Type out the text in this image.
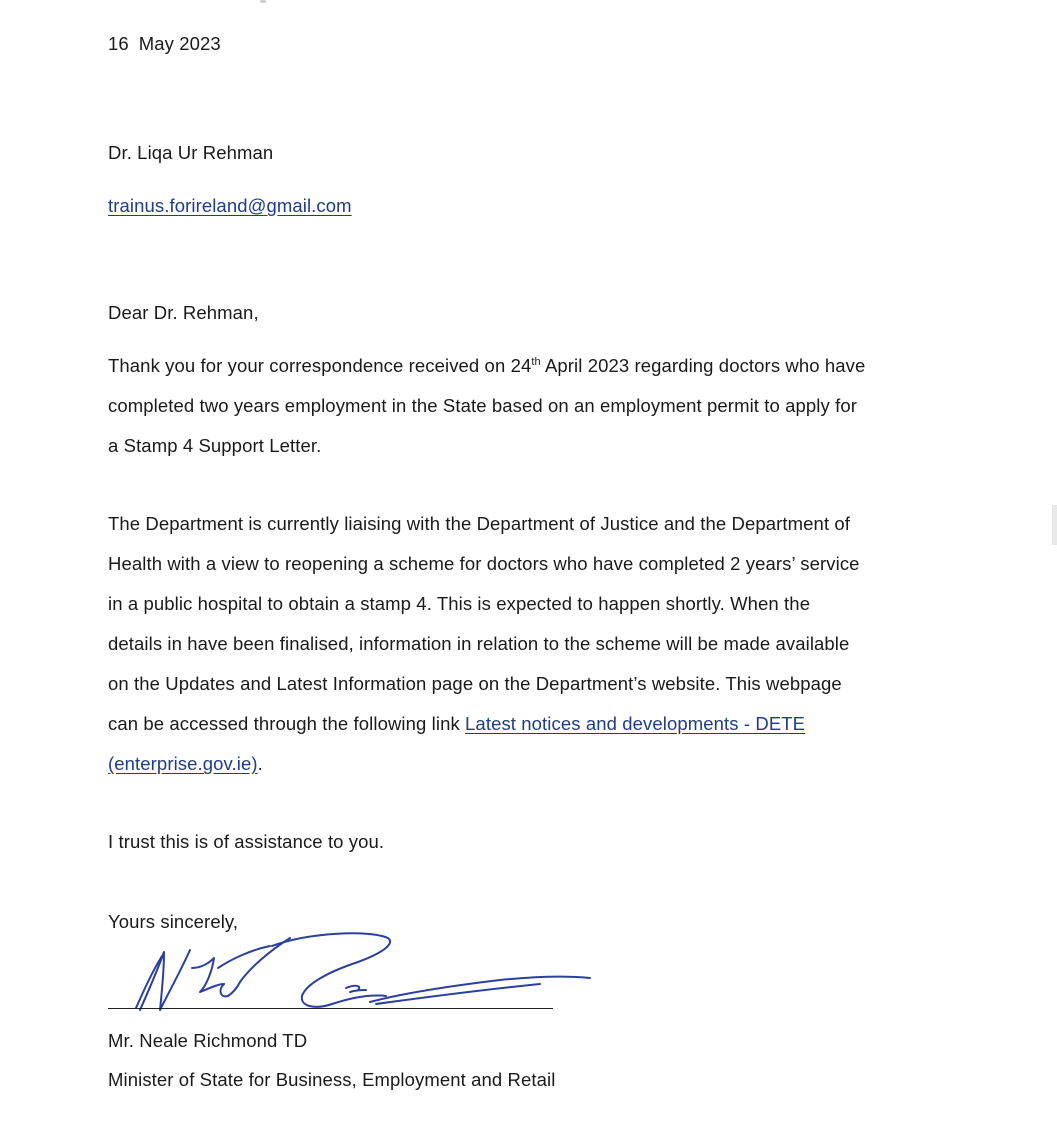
16 May 2023
Dr. Liqa Ur Rehman
trainus.forireland@gmail.com
Dear Dr. Rehman,
Thank you for your correspondence received on 24th April 2023 regarding doctors who have
completed two years employment in the State based on an employment permit to apply for
a Stamp 4 Support Letter.
The Department is currently liaising with the Department of Justice and the Department of
Health with a view to reopening a scheme for doctors who have completed 2 years’ service
in a public hospital to obtain a stamp 4. This is expected to happen shortly. When the
details in have been finalised, information in relation to the scheme will be made available
on the Updates and Latest Information page on the Department’s website. This webpage
can be accessed through the following link Latest notices and developments - DETE
(enterprise.gov.ie).
I trust this is of assistance to you.
Yours sincerely,
Mr. Neale Richmond TD
Minister of State for Business, Employment and Retail
